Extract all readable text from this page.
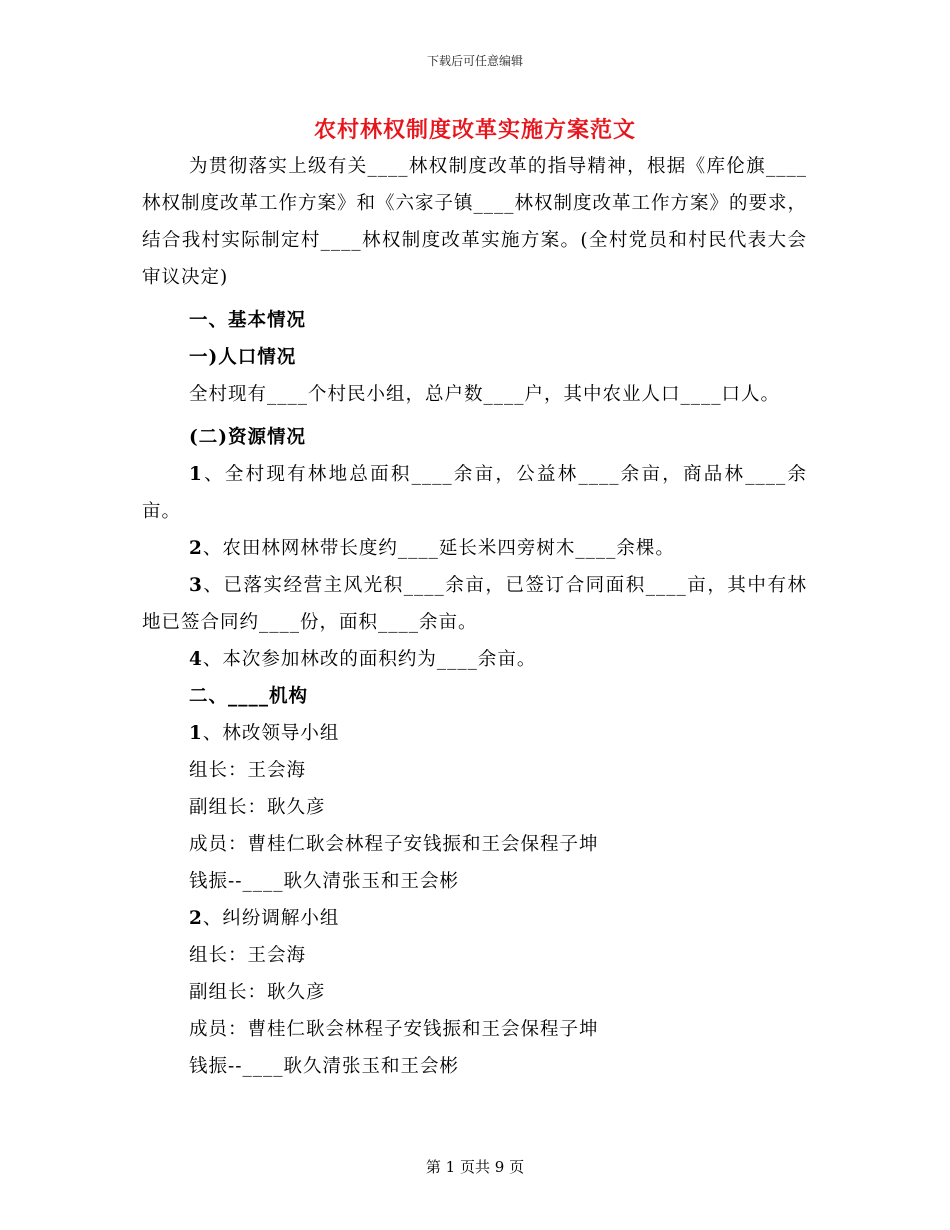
下载后可任意编辑
农村林权制度改革实施方案范文

为贯彻落实上级有关____林权制度改革的指导精神，根据《库伦旗____林权制度改革工作方案》和《六家子镇____林权制度改革工作方案》的要求，结合我村实际制定村____林权制度改革实施方案。(全村党员和村民代表大会审议决定)

一、基本情况

一)人口情况

全村现有____个村民小组，总户数____户，其中农业人口____口人。

(二)资源情况

1、全村现有林地总面积____余亩，公益林____余亩，商品林____余亩。

2、农田林网林带长度约____延长米四旁树木____余棵。

3、已落实经营主风光积____余亩，已签订合同面积____亩，其中有林地已签合同约____份，面积____余亩。

4、本次参加林改的面积约为____余亩。

二、____机构

1、林改领导小组

组长：王会海

副组长：耿久彦

成员：曹桂仁耿会林程子安钱振和王会保程子坤

钱振--____耿久清张玉和王会彬

2、纠纷调解小组

组长：王会海

副组长：耿久彦

成员：曹桂仁耿会林程子安钱振和王会保程子坤

钱振--____耿久清张玉和王会彬

第 1 页共 9 页
